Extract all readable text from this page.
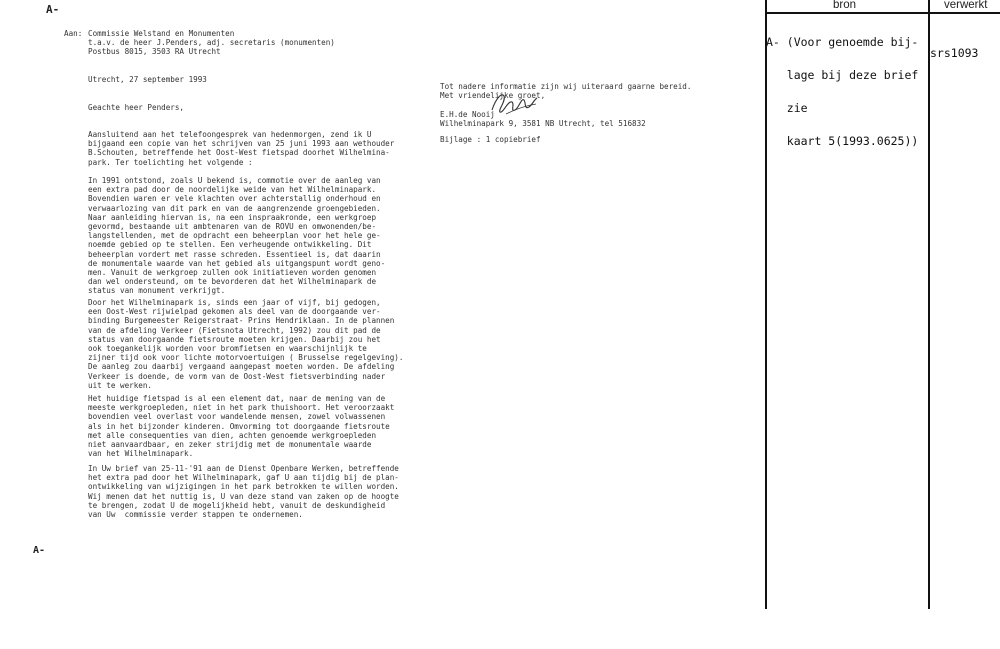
A-
A-
Aan: Commissie Welstand en Monumenten
t.a.v. de heer J.Penders, adj. secretaris (monumenten)
Postbus 8015, 3503 RA Utrecht
Utrecht, 27 september 1993
Geachte heer Penders,
Aansluitend aan het telefoongesprek van hedenmorgen, zend ik U
bijgaand een copie van het schrijven van 25 juni 1993 aan wethouder
B.Schouten, betreffende het Oost-West fietspad doorhet Wilhelmina-
park. Ter toelichting het volgende :
In 1991 ontstond, zoals U bekend is, commotie over de aanleg van
een extra pad door de noordelijke weide van het Wilhelminapark.
Bovendien waren er vele klachten over achterstallig onderhoud en
verwaarlozing van dit park en van de aangrenzende groengebieden.
Naar aanleiding hiervan is, na een inspraakronde, een werkgroep
gevormd, bestaande uit ambtenaren van de ROVU en omwonenden/be-
langstellenden, met de opdracht een beheerplan voor het hele ge-
noemde gebied op te stellen. Een verheugende ontwikkeling. Dit
beheerplan vordert met rasse schreden. Essentieel is, dat daarin
de monumentale waarde van het gebied als uitgangspunt wordt geno-
men. Vanuit de werkgroep zullen ook initiatieven worden genomen
dan wel ondersteund, om te bevorderen dat het Wilhelminapark de
status van monument verkrijgt.
Door het Wilhelminapark is, sinds een jaar of vijf, bij gedogen,
een Oost-West rijwielpad gekomen als deel van de doorgaande ver-
binding Burgemeester Reigerstraat- Prins Hendriklaan. In de plannen
van de afdeling Verkeer (Fietsnota Utrecht, 1992) zou dit pad de
status van doorgaande fietsroute moeten krijgen. Daarbij zou het
ook toegankelijk worden voor bromfietsen en waarschijnlijk te
zijner tijd ook voor lichte motorvoertuigen ( Brusselse regelgeving).
De aanleg zou daarbij vergaand aangepast moeten worden. De afdeling
Verkeer is doende, de vorm van de Oost-West fietsverbinding nader
uit te werken.
Het huidige fietspad is al een element dat, naar de mening van de
meeste werkgroepleden, niet in het park thuishoort. Het veroorzaakt
bovendien veel overlast voor wandelende mensen, zowel volwassenen
als in het bijzonder kinderen. Omvorming tot doorgaande fietsroute
met alle consequenties van dien, achten genoemde werkgroepleden
niet aanvaardbaar, en zeker strijdig met de monumentale waarde
van het Wilhelminapark.
In Uw brief van 25-11-'91 aan de Dienst Openbare Werken, betreffende
het extra pad door het Wilhelminapark, gaf U aan tijdig bij de plan-
ontwikkeling van wijzigingen in het park betrokken te willen worden.
Wij menen dat het nuttig is, U van deze stand van zaken op de hoogte
te brengen, zodat U de mogelijkheid hebt, vanuit de deskundigheid
van Uw  commissie verder stappen te ondernemen.
Tot nadere informatie zijn wij uiteraard gaarne bereid.
Met vriendelijke groet,
E.H.de Nooij
Wilhelminapark 9, 3581 NB Utrecht, tel 516832
Bijlage : 1 copiebrief
bron	verwerkt

A- (Voor genoemde bij-

lage bij deze brief

zie

kaart 5(1993.0625))

srs1093
